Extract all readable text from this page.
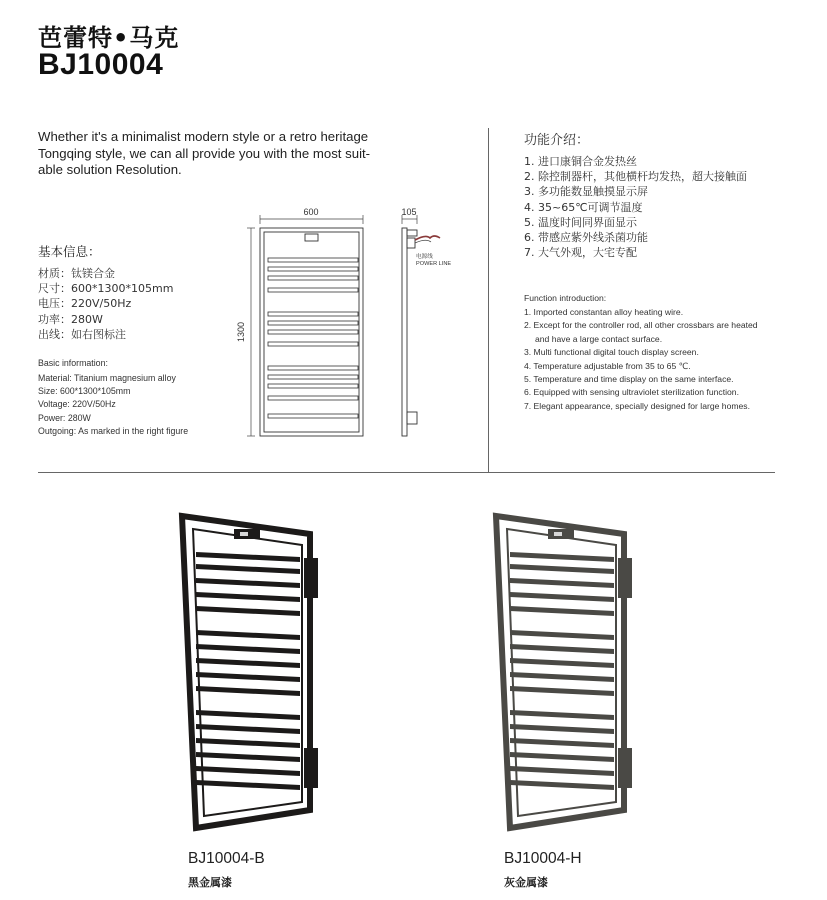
芭蕾特•马克
BJ10004
Whether it's a minimalist modern style or a retro heritage
Tongqing style, we can all provide you with the most suit-
able solution Resolution.
基本信息：
材质：钛镁合金
尺寸：600*1300*105mm
电压：220V/50Hz
功率：280W
出线：如右图标注
Basic information:
Material: Titanium magnesium alloy
Size: 600*1300*105mm
Voltage: 220V/50Hz
Power: 280W
Outgoing: As marked in the right figure
600
1300
105
电源线
POWER LINE
功能介绍：
1. 进口康铜合金发热丝
2. 除控制器杆，其他横杆均发热，超大接触面
3. 多功能数显触摸显示屏
4. 35~65℃可调节温度
5. 温度时间同界面显示
6. 带感应紫外线杀菌功能
7. 大气外观，大宅专配
Function introduction:
1. Imported constantan alloy heating wire.
2. Except for the controller rod, all other crossbars are heated
and have a large contact surface.
3. Multi functional digital touch display screen.
4. Temperature adjustable from 35 to 65 ℃.
5. Temperature and time display on the same interface.
6. Equipped with sensing ultraviolet sterilization function.
7. Elegant appearance, specially designed for large homes.
BJ10004-B
黑金属漆
BJ10004-H
灰金属漆
